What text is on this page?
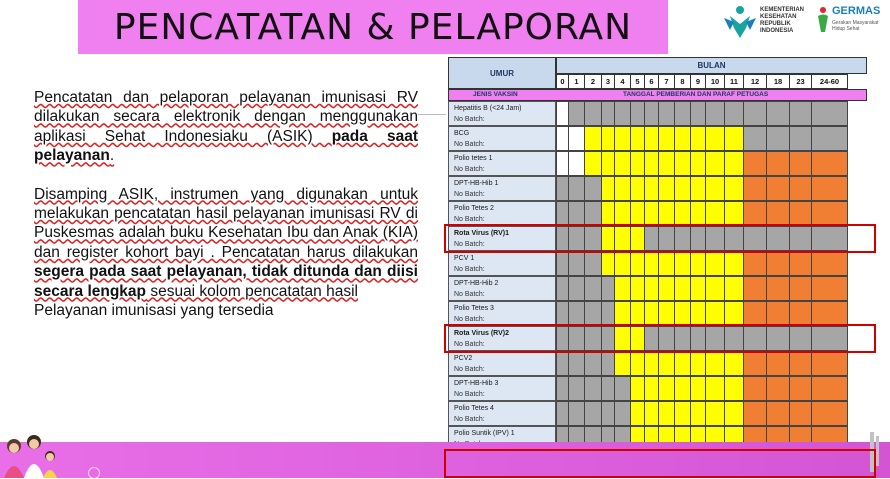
PENCATATAN & PELAPORAN	KEMENTERIAN KESEHATAN REPUBLIK INDONESIA
GERMAS
Gerakan Masyarakat Hidup Sehat

Pencatatan dan pelaporan pelayanan imunisasi RV dilakukan secara elektronik dengan menggunakan aplikasi Sehat Indonesiaku (ASIK) pada saat pelayanan.

Disamping ASIK, instrumen yang digunakan untuk melakukan pencatatan hasil pelayanan imunisasi RV di Puskesmas adalah buku Kesehatan Ibu dan Anak (KIA) dan register kohort bayi . Pencatatan harus dilakukan segera pada saat pelayanan, tidak ditunda dan diisi secara lengkap sesuai kolom pencatatan hasil

Pelayanan imunisasi yang tersedia

UMUR
BULAN
0	1	2	3	4	5	6	7	8	9	10	11	12	18	23	24-60
JENIS VAKSIN	TANGGAL PEMBERIAN DAN PARAF PETUGAS
Hepatitis B (<24 Jam)
No Batch:
BCG
No Batch:
Polio tetes 1
No Batch:
DPT-HB-Hib 1
No Batch:
Polio Tetes 2
No Batch:
Rota Virus (RV)1
No Batch:
PCV 1
No Batch:
DPT-HB-Hib 2
No Batch:
Polio Tetes 3
No Batch:
Rota Virus (RV)2
No Batch:
PCV2
No Batch:
DPT-HB-Hib 3
No Batch:
Polio Tetes 4
No Batch:
Polio Suntik (IPV) 1
